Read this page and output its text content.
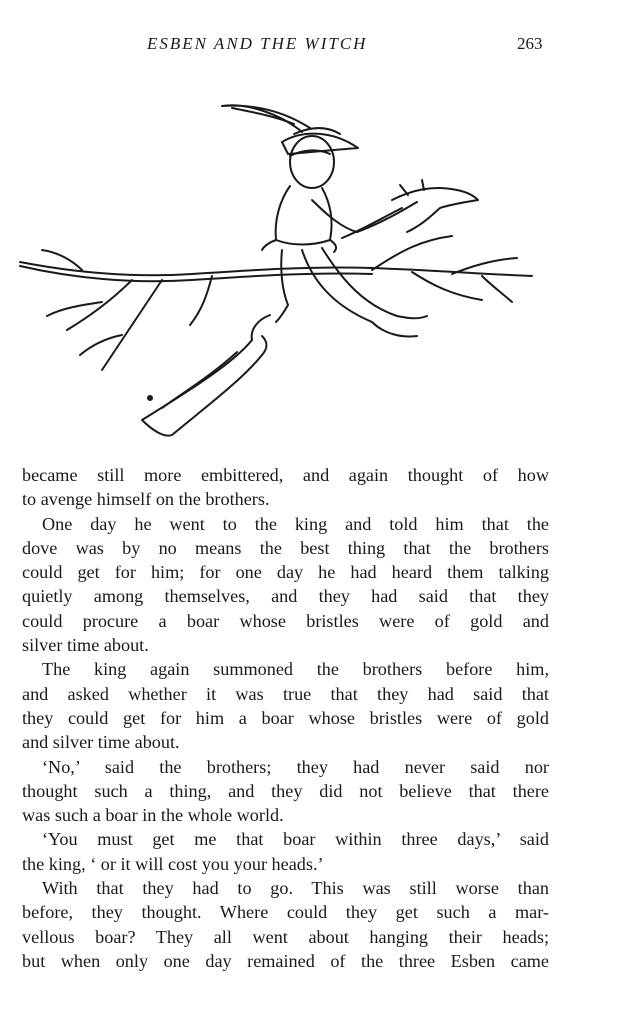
ESBEN AND THE WITCH	263
became still more embittered, and again thought of how
to avenge himself on the brothers.
One day he went to the king and told him that the
dove was by no means the best thing that the brothers
could get for him; for one day he had heard them talking
quietly among themselves, and they had said that they
could procure a boar whose bristles were of gold and
silver time about.
The king again summoned the brothers before him,
and asked whether it was true that they had said that
they could get for him a boar whose bristles were of gold
and silver time about.
‘No,’ said the brothers; they had never said nor
thought such a thing, and they did not believe that there
was such a boar in the whole world.
‘You must get me that boar within three days,’ said
the king, ‘ or it will cost you your heads.’
With that they had to go. This was still worse than
before, they thought. Where could they get such a mar-
vellous boar? They all went about hanging their heads;
but when only one day remained of the three Esben came
